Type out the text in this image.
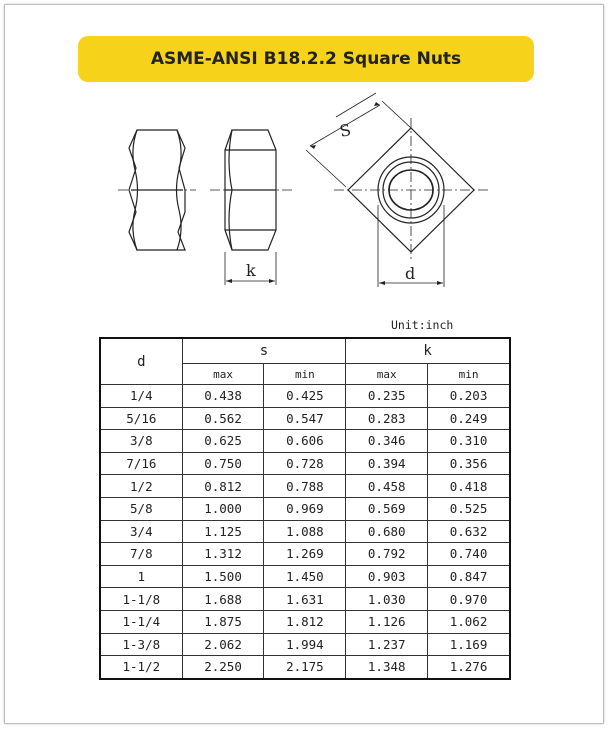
ASME-ANSI B18.2.2 Square Nuts
S
k	d
Unit:inch
d	s		k	
	max	min	max	min
1/4	0.438	0.425	0.235	0.203
5/16	0.562	0.547	0.283	0.249
3/8	0.625	0.606	0.346	0.310
7/16	0.750	0.728	0.394	0.356
1/2	0.812	0.788	0.458	0.418
5/8	1.000	0.969	0.569	0.525
3/4	1.125	1.088	0.680	0.632
7/8	1.312	1.269	0.792	0.740
1	1.500	1.450	0.903	0.847
1-1/8	1.688	1.631	1.030	0.970
1-1/4	1.875	1.812	1.126	1.062
1-3/8	2.062	1.994	1.237	1.169
1-1/2	2.250	2.175	1.348	1.276
